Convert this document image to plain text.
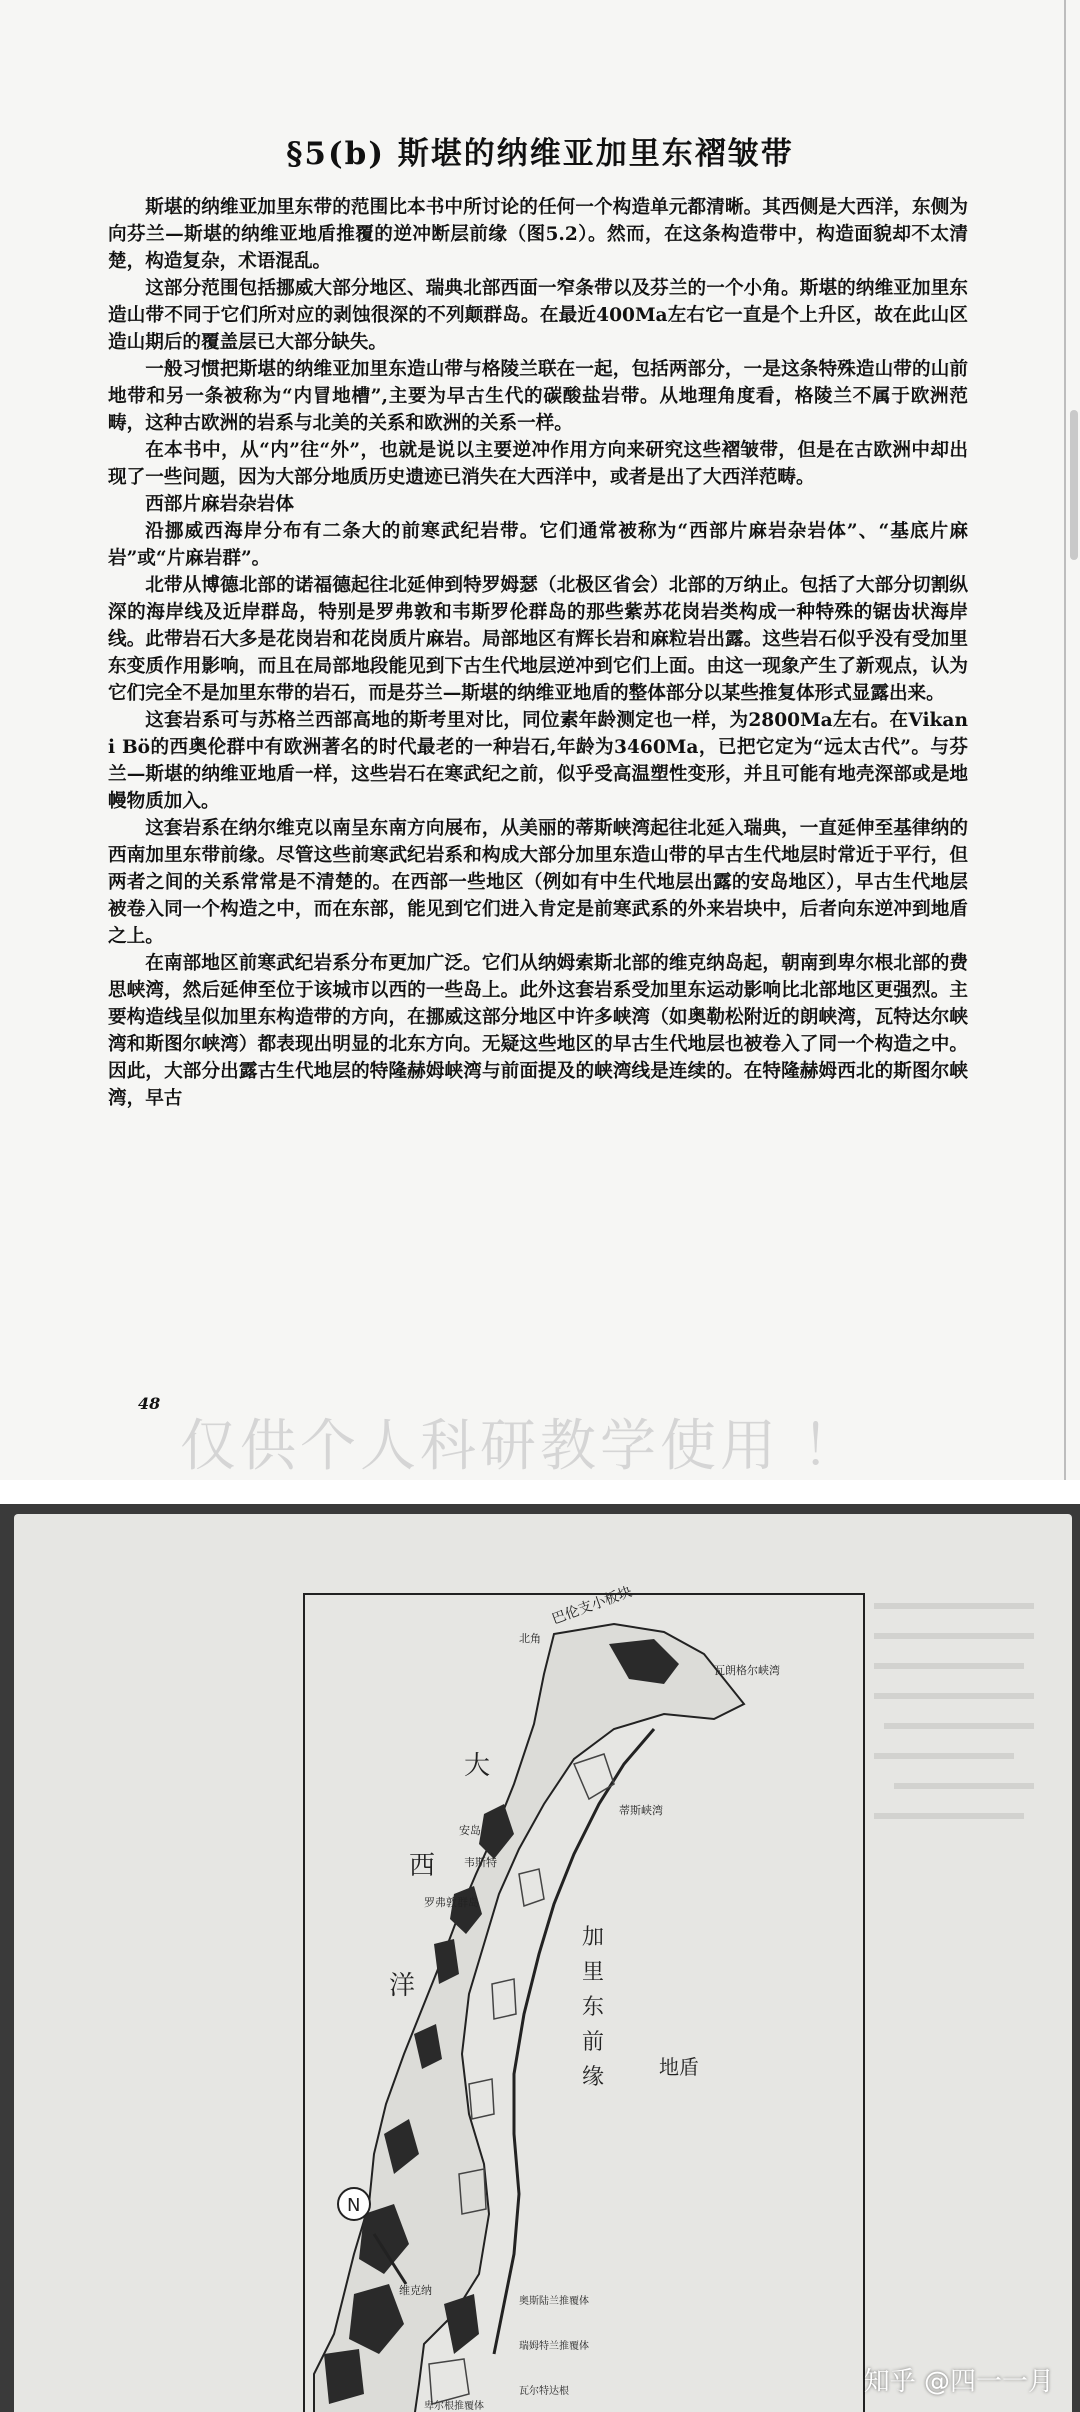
§5(b) 斯堪的纳维亚加里东褶皱带

斯堪的纳维亚加里东带的范围比本书中所讨论的任何一个构造单元都清晰。其西侧是大西洋，东侧为向芬兰—斯堪的纳维亚地盾推覆的逆冲断层前缘（图5.2）。然而，在这条构造带中，构造面貌却不太清楚，构造复杂，术语混乱。

这部分范围包括挪威大部分地区、瑞典北部西面一窄条带以及芬兰的一个小角。斯堪的纳维亚加里东造山带不同于它们所对应的剥蚀很深的不列颠群岛。在最近400Ma左右它一直是个上升区，故在此山区造山期后的覆盖层已大部分缺失。

一般习惯把斯堪的纳维亚加里东造山带与格陵兰联在一起，包括两部分，一是这条特殊造山带的山前地带和另一条被称为“内冒地槽”,主要为早古生代的碳酸盐岩带。从地理角度看，格陵兰不属于欧洲范畴，这种古欧洲的岩系与北美的关系和欧洲的关系一样。

在本书中，从“内”往“外”，也就是说以主要逆冲作用方向来研究这些褶皱带，但是在古欧洲中却出现了一些问题，因为大部分地质历史遗迹已消失在大西洋中，或者是出了大西洋范畴。

西部片麻岩杂岩体

沿挪威西海岸分布有二条大的前寒武纪岩带。它们通常被称为“西部片麻岩杂岩体”、“基底片麻岩”或“片麻岩群”。

北带从博德北部的诺福德起往北延伸到特罗姆瑟（北极区省会）北部的万纳止。包括了大部分切割纵深的海岸线及近岸群岛，特别是罗弗敦和韦斯罗伦群岛的那些紫苏花岗岩类构成一种特殊的锯齿状海岸线。此带岩石大多是花岗岩和花岗质片麻岩。局部地区有辉长岩和麻粒岩出露。这些岩石似乎没有受加里东变质作用影响，而且在局部地段能见到下古生代地层逆冲到它们上面。由这一现象产生了新观点，认为它们完全不是加里东带的岩石，而是芬兰—斯堪的纳维亚地盾的整体部分以某些推复体形式显露出来。

这套岩系可与苏格兰西部高地的斯考里对比，同位素年龄测定也一样，为2800Ma左右。在Vikan i Bö的西奥伦群中有欧洲著名的时代最老的一种岩石,年龄为3460Ma，已把它定为“远太古代”。与芬兰—斯堪的纳维亚地盾一样，这些岩石在寒武纪之前，似乎受高温塑性变形，并且可能有地壳深部或是地幔物质加入。

这套岩系在纳尔维克以南呈东南方向展布，从美丽的蒂斯峡湾起往北延入瑞典，一直延伸至基律纳的西南加里东带前缘。尽管这些前寒武纪岩系和构成大部分加里东造山带的早古生代地层时常近于平行，但两者之间的关系常常是不清楚的。在西部一些地区（例如有中生代地层出露的安岛地区），早古生代地层被卷入同一个构造之中，而在东部，能见到它们进入肯定是前寒武系的外来岩块中，后者向东逆冲到地盾之上。

在南部地区前寒武纪岩系分布更加广泛。它们从纳姆索斯北部的维克纳岛起，朝南到卑尔根北部的费思峡湾，然后延伸至位于该城市以西的一些岛上。此外这套岩系受加里东运动影响比北部地区更强烈。主要构造线呈似加里东构造带的方向，在挪威这部分地区中许多峡湾（如奥勒松附近的朗峡湾，瓦特达尔峡湾和斯图尔峡湾）都表现出明显的北东方向。无疑这些地区的早古生代地层也被卷入了同一个构造之中。因此，大部分出露古生代地层的特隆赫姆峡湾与前面提及的峡湾线是连续的。在特隆赫姆西北的斯图尔峡湾，早古

48
仅供个人科研教学使用 ！
N
北角
巴伦支小板块
瓦朗格尔峡湾
大
西
洋
罗弗敦群岛
韦斯特
安岛
蒂斯峡湾
加
里
东
前
缘	地盾
维克纳
奥斯陆兰推覆体
瑞姆特兰推覆体
瓦尔特达根
卑尔根推覆体
知乎 @四一一月
